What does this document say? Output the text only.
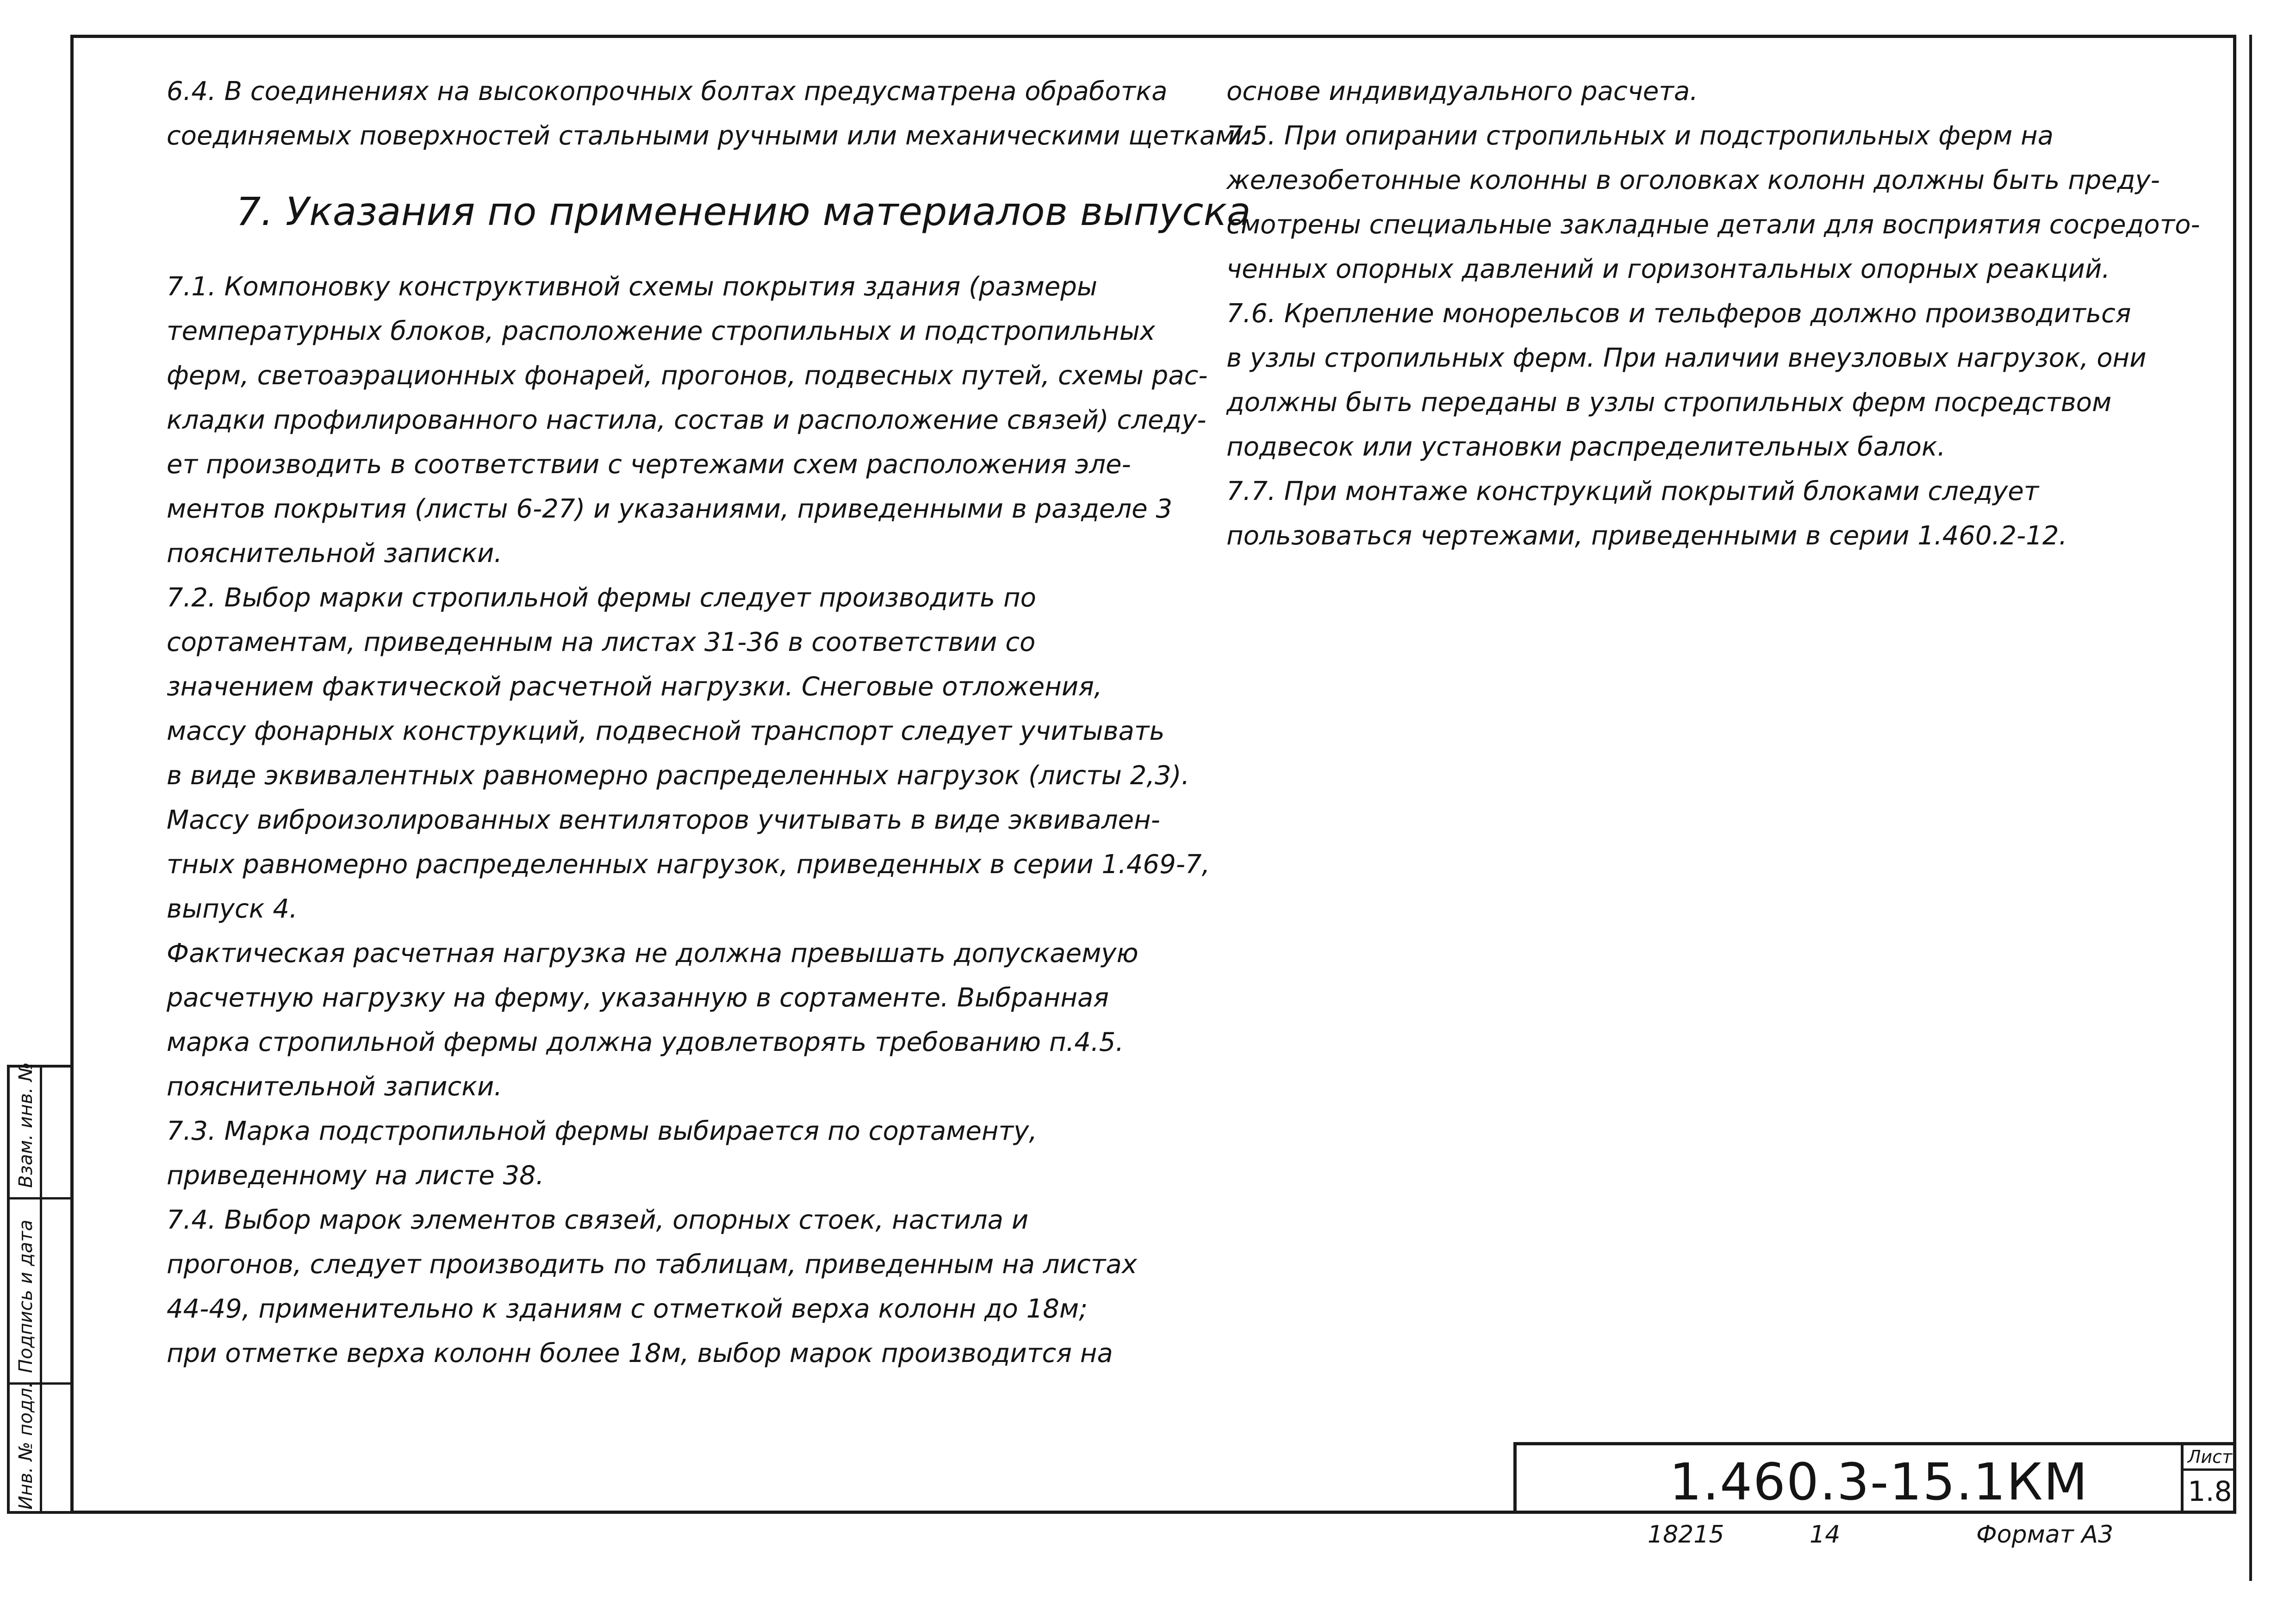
Взам. инв. №
Подпись и дата
Инв. № подл.

6.4. В соединениях на высокопрочных болтах предусматрена обработка

соединяемых поверхностей стальными ручными или механическими щетками.

7. Указания по применению материалов выпуска

7.1. Компоновку конструктивной схемы покрытия здания (размеры

температурных блоков, расположение стропильных и подстропильных

ферм, светоаэрационных фонарей, прогонов, подвесных путей, схемы рас-

кладки профилированного настила, состав и расположение связей) следу-

ет производить в соответствии с чертежами схем расположения эле-

ментов покрытия (листы 6-27) и указаниями, приведенными в разделе 3

пояснительной записки.

7.2. Выбор марки стропильной фермы следует производить по

сортаментам, приведенным на листах 31-36 в соответствии со

значением фактической расчетной нагрузки. Снеговые отложения,

массу фонарных конструкций, подвесной транспорт следует учитывать

в виде эквивалентных равномерно распределенных нагрузок (листы 2,3).

Массу виброизолированных вентиляторов учитывать в виде эквивален-

тных равномерно распределенных нагрузок, приведенных в серии 1.469-7,

выпуск 4.

Фактическая расчетная нагрузка не должна превышать допускаемую

расчетную нагрузку на ферму, указанную в сортаменте. Выбранная

марка стропильной фермы должна удовлетворять требованию п.4.5.

пояснительной записки.

7.3. Марка подстропильной фермы выбирается по сортаменту,

приведенному на листе 38.

7.4. Выбор марок элементов связей, опорных стоек, настила и

прогонов, следует производить по таблицам, приведенным на листах

44-49, применительно к зданиям с отметкой верха колонн до 18м;

при отметке верха колонн более 18м, выбор марок производится на

основе индивидуального расчета.

7.5. При опирании стропильных и подстропильных ферм на

железобетонные колонны в оголовках колонн должны быть преду-

смотрены специальные закладные детали для восприятия сосредото-

ченных опорных давлений и горизонтальных опорных реакций.

7.6. Крепление монорельсов и тельферов должно производиться

в узлы стропильных ферм. При наличии внеузловых нагрузок, они

должны быть переданы в узлы стропильных ферм посредством

подвесок или установки распределительных балок.

7.7. При монтаже конструкций покрытий блоками следует

пользоваться чертежами, приведенными в серии 1.460.2-12.

1.460.3-15.1КМ	Лист
1.8
18215	14	Формат А3
